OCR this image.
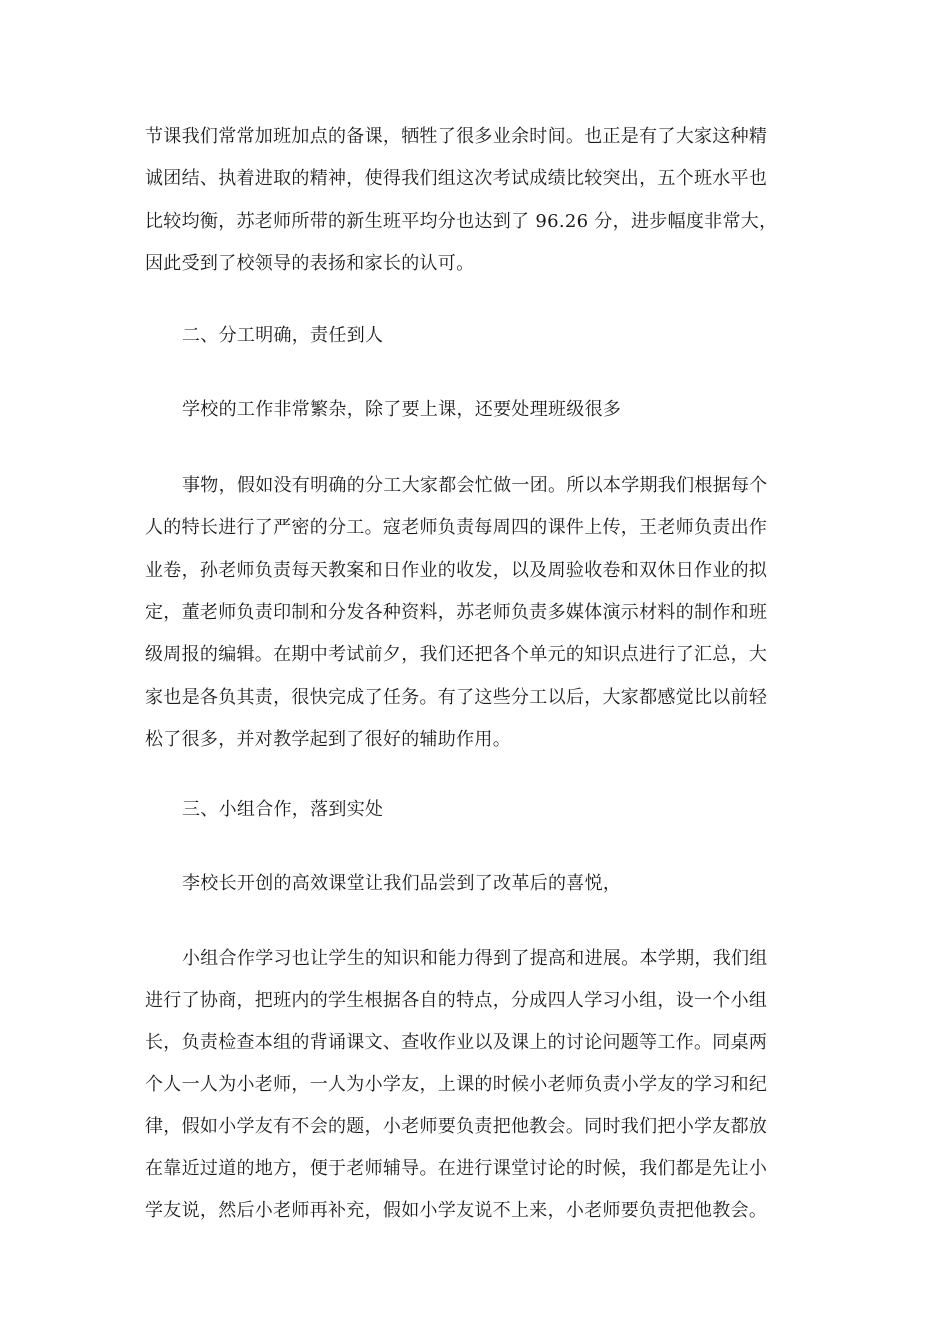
节课我们常常加班加点的备课，牺牲了很多业余时间。也正是有了大家这种精
诚团结、执着进取的精神，使得我们组这次考试成绩比较突出，五个班水平也
比较均衡，苏老师所带的新生班平均分也达到了 96.26 分，进步幅度非常大，
因此受到了校领导的表扬和家长的认可。
二、分工明确，责任到人
学校的工作非常繁杂，除了要上课，还要处理班级很多
事物，假如没有明确的分工大家都会忙做一团。所以本学期我们根据每个
人的特长进行了严密的分工。寇老师负责每周四的课件上传，王老师负责出作
业卷，孙老师负责每天教案和日作业的收发，以及周验收卷和双休日作业的拟
定，董老师负责印制和分发各种资料，苏老师负责多媒体演示材料的制作和班
级周报的编辑。在期中考试前夕，我们还把各个单元的知识点进行了汇总，大
家也是各负其责，很快完成了任务。有了这些分工以后，大家都感觉比以前轻
松了很多，并对教学起到了很好的辅助作用。
三、小组合作，落到实处
李校长开创的高效课堂让我们品尝到了改革后的喜悦，
小组合作学习也让学生的知识和能力得到了提高和进展。本学期，我们组
进行了协商，把班内的学生根据各自的特点，分成四人学习小组，设一个小组
长，负责检查本组的背诵课文、查收作业以及课上的讨论问题等工作。同桌两
个人一人为小老师，一人为小学友，上课的时候小老师负责小学友的学习和纪
律，假如小学友有不会的题，小老师要负责把他教会。同时我们把小学友都放
在靠近过道的地方，便于老师辅导。在进行课堂讨论的时候，我们都是先让小
学友说，然后小老师再补充，假如小学友说不上来，小老师要负责把他教会。
